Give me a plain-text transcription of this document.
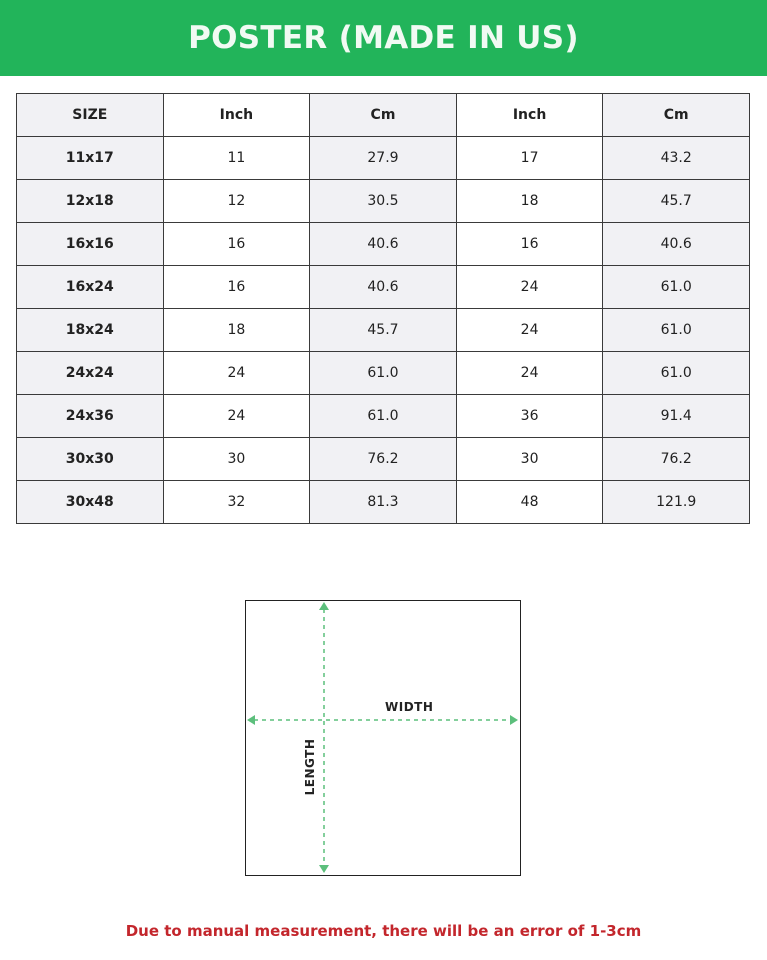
POSTER (MADE IN US)
SIZE	Inch	Cm	Inch	Cm
11x17	11	27.9	17	43.2
12x18	12	30.5	18	45.7
16x16	16	40.6	16	40.6
16x24	16	40.6	24	61.0
18x24	18	45.7	24	61.0
24x24	24	61.0	24	61.0
24x36	24	61.0	36	91.4
30x30	30	76.2	30	76.2
30x48	32	81.3	48	121.9
WIDTH
LENGTH
Due to manual measurement, there will be an error of 1-3cm
